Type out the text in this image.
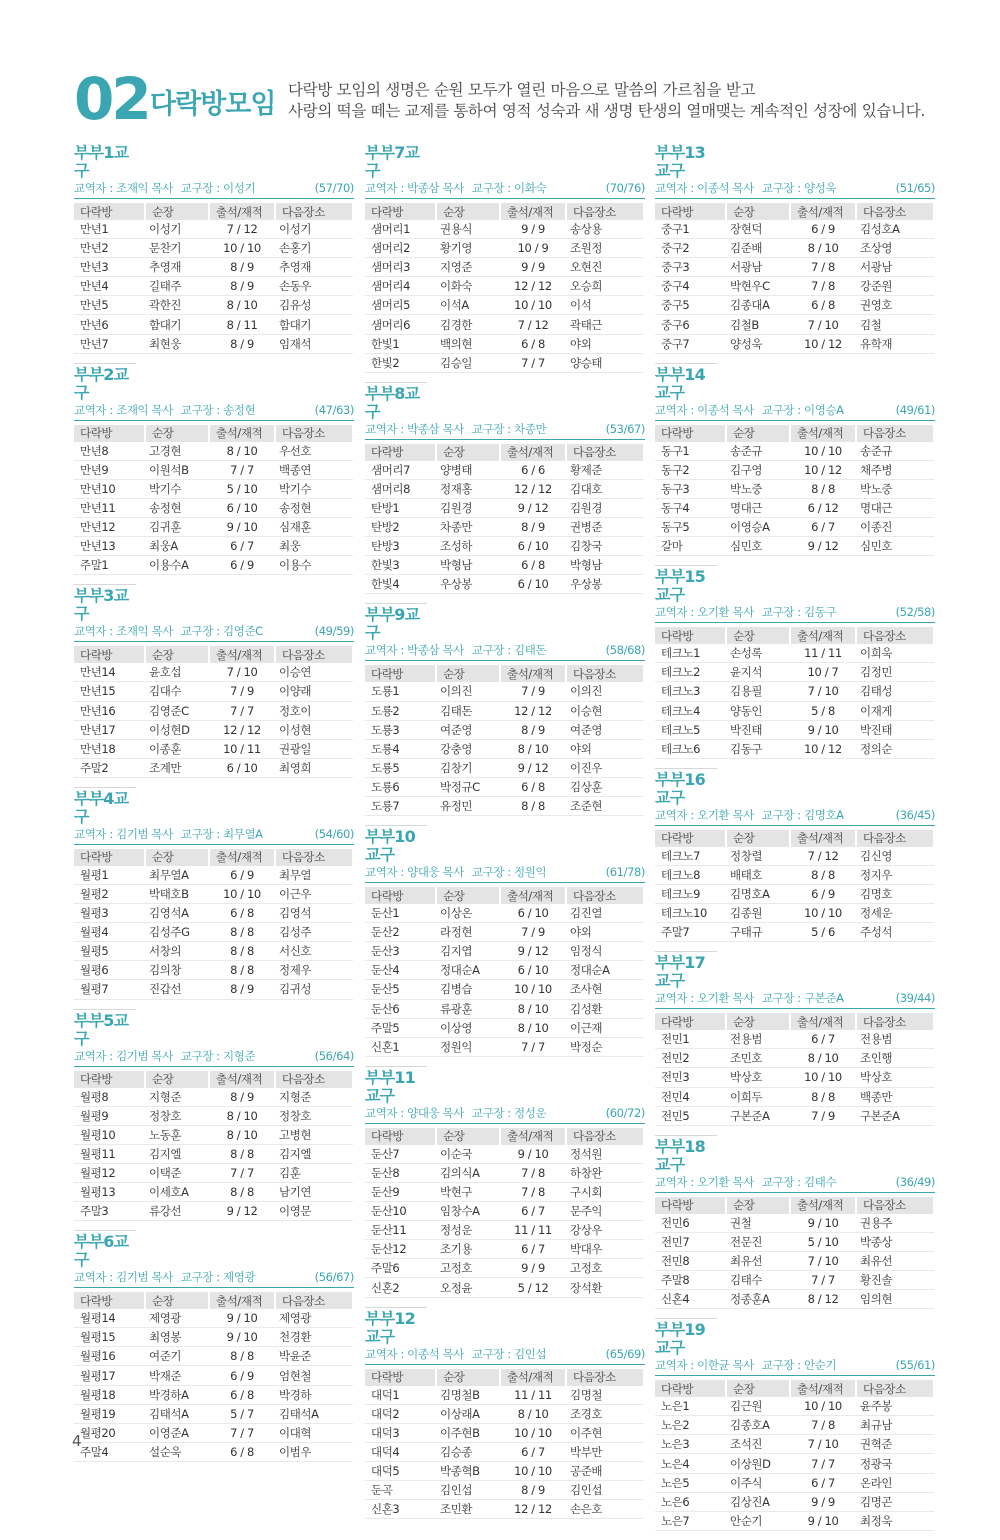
02 다락방모임 다락방 모임의 생명은 순원 모두가 열린 마음으로 말씀의 가르침을 받고
사랑의 떡을 떼는 교제를 통하여 영적 성숙과 새 생명 탄생의 열매맺는 계속적인 성장에 있습니다.
부부1교구
교역자 : 조재익 목사 교구장 : 이성기	(57/70)
다락방	순장	출석/재적	다음장소
만년1	이성기	7 / 12	이성기
만년2	문찬기	10 / 10	손홍기
만년3	추영재	8 / 9	추영재
만년4	길태주	8 / 9	손동우
만년5	곽한진	8 / 10	김유성
만년6	함대기	8 / 11	함대기
만년7	최현웅	8 / 9	임재석
부부2교구
교역자 : 조재익 목사 교구장 : 송정현	(47/63)
다락방	순장	출석/재적	다음장소
만년8	고경현	8 / 10	우선호
만년9	이원석B	7 / 7	백종연
만년10	박기수	5 / 10	박기수
만년11	송정현	6 / 10	송정현
만년12	김귀훈	9 / 10	심재훈
만년13	최웅A	6 / 7	최웅
주말1	이용수A	6 / 9	이용수
부부3교구
교역자 : 조재익 목사 교구장 : 김영준C	(49/59)
다락방	순장	출석/재적	다음장소
만년14	윤호섭	7 / 10	이승연
만년15	김대수	7 / 9	이양래
만년16	김영준C	7 / 7	정호이
만년17	이성현D	12 / 12	이성현
만년18	이종훈	10 / 11	권광일
주말2	조계만	6 / 10	최영희
부부4교구
교역자 : 김기범 목사 교구장 : 최무열A	(54/60)
다락방	순장	출석/재적	다음장소
월평1	최무열A	6 / 9	최무열
월평2	박태호B	10 / 10	이근우
월평3	김영석A	6 / 8	김영석
월평4	김성주G	8 / 8	김성주
월평5	서창의	8 / 8	서신호
월평6	김의창	8 / 8	정제우
월평7	진갑선	8 / 9	김귀성
부부5교구
교역자 : 김기범 목사 교구장 : 지형준	(56/64)
다락방	순장	출석/재적	다음장소
월평8	지형준	8 / 9	지형준
월평9	정창호	8 / 10	정창호
월평10	노동훈	8 / 10	고병현
월평11	김지엘	8 / 8	김지엘
월평12	이택준	7 / 7	김훈
월평13	이세호A	8 / 8	남기연
주말3	류강선	9 / 12	이영문
부부6교구
교역자 : 김기범 목사 교구장 : 제영광	(56/67)
다락방	순장	출석/재적	다음장소
월평14	제영광	9 / 10	제영광
월평15	최영봉	9 / 10	천경환
월평16	여준기	8 / 8	박윤준
월평17	박재준	6 / 9	엄현철
월평18	박경하A	6 / 8	박경하
월평19	김태석A	5 / 7	김태석A
월평20	이영준A	7 / 7	이대혁
주말4	설순욱	6 / 8	이범우
부부7교구
교역자 : 박종삼 목사 교구장 : 이화숙	(70/76)
다락방	순장	출석/재적	다음장소
샘머리1	권용식	9 / 9	송상용
샘머리2	황기영	10 / 9	조원정
샘머리3	지영준	9 / 9	오현진
샘머리4	이화숙	12 / 12	오승희
샘머리5	이석A	10 / 10	이석
샘머리6	김경한	7 / 12	곽태근
한빛1	백의현	6 / 8	야외
한빛2	김승일	7 / 7	양승태
부부8교구
교역자 : 박종삼 목사 교구장 : 차종만	(53/67)
다락방	순장	출석/재적	다음장소
샘머리7	양병태	6 / 6	황제준
샘머리8	정재홍	12 / 12	김대호
탄방1	김원경	9 / 12	김원경
탄방2	차종만	8 / 9	권병준
탄방3	조성하	6 / 10	김창국
한빛3	박형남	6 / 8	박형남
한빛4	우상봉	6 / 10	우상봉
부부9교구
교역자 : 박종삼 목사 교구장 : 김태돈	(58/68)
다락방	순장	출석/재적	다음장소
도룡1	이의진	7 / 9	이의진
도룡2	김태돈	12 / 12	이승현
도룡3	여준영	8 / 9	여준영
도룡4	강충영	8 / 10	야외
도룡5	김창기	9 / 12	이진우
도룡6	박정규C	6 / 8	김상훈
도룡7	유정민	8 / 8	조준현
부부10교구
교역자 : 양대웅 목사 교구장 : 정원익	(61/78)
다락방	순장	출석/재적	다음장소
둔산1	이상온	6 / 10	김진열
둔산2	라정현	7 / 9	야외
둔산3	김지엽	9 / 12	임정식
둔산4	정대순A	6 / 10	정대순A
둔산5	김병습	10 / 10	조사현
둔산6	류광훈	8 / 10	김성환
주말5	이상영	8 / 10	이근재
신혼1	정원익	7 / 7	박정순
부부11교구
교역자 : 양대웅 목사 교구장 : 정성운	(60/72)
다락방	순장	출석/재적	다음장소
둔산7	이순국	9 / 10	정석원
둔산8	김의식A	7 / 8	하창완
둔산9	박현구	7 / 8	구시회
둔산10	임창수A	6 / 7	문주익
둔산11	정성운	11 / 11	강상우
둔산12	조기용	6 / 7	박대우
주말6	고정호	9 / 9	고정호
신혼2	오정윤	5 / 12	장석환
부부12교구
교역자 : 이종석 목사 교구장 : 김인섭	(65/69)
다락방	순장	출석/재적	다음장소
대덕1	김명철B	11 / 11	김명철
대덕2	이상래A	8 / 10	조경호
대덕3	이주현B	10 / 10	이주현
대덕4	김승종	6 / 7	박부만
대덕5	박종혁B	10 / 10	공준배
둔곡	김인섭	8 / 9	김인섭
신혼3	조민환	12 / 12	손은호
부부13교구
교역자 : 이종석 목사 교구장 : 양성욱	(51/65)
다락방	순장	출석/재적	다음장소
중구1	장현덕	6 / 9	김성호A
중구2	김준배	8 / 10	조상영
중구3	서광남	7 / 8	서광남
중구4	박현우C	7 / 8	강준원
중구5	김종대A	6 / 8	권영호
중구6	김철B	7 / 10	김철
중구7	양성욱	10 / 12	유학재
부부14교구
교역자 : 이종석 목사 교구장 : 이영승A	(49/61)
다락방	순장	출석/재적	다음장소
동구1	송준규	10 / 10	송준규
동구2	김구영	10 / 12	채주병
동구3	박노중	8 / 8	박노중
동구4	명대근	6 / 12	명대근
동구5	이영승A	6 / 7	이종진
갈마	심민호	9 / 12	심민호
부부15교구
교역자 : 오기환 목사 교구장 : 김동구	(52/58)
다락방	순장	출석/재적	다음장소
테크노1	손성록	11 / 11	이희욱
테크노2	윤지석	10 / 7	김정민
테크노3	김용필	7 / 10	김태성
테크노4	양동인	5 / 8	이재게
테크노5	박진태	9 / 10	박진태
테크노6	김동구	10 / 12	정의순
부부16교구
교역자 : 오기환 목사 교구장 : 김명호A	(36/45)
다락방	순장	출석/재적	다음장소
테크노7	정창렬	7 / 12	김신영
테크노8	배태호	8 / 8	정지우
테크노9	김명호A	6 / 9	김명호
테크노10	김종원	10 / 10	정세운
주말7	구태규	5 / 6	주성석
부부17교구
교역자 : 오기환 목사 교구장 : 구본준A	(39/44)
다락방	순장	출석/재적	다음장소
전민1	전용범	6 / 7	전용범
전민2	조민호	8 / 10	조인행
전민3	박상호	10 / 10	박상호
전민4	이희두	8 / 8	백종만
전민5	구본준A	7 / 9	구본준A
부부18교구
교역자 : 오기환 목사 교구장 : 김태수	(36/49)
다락방	순장	출석/재적	다음장소
전민6	권철	9 / 10	권용주
전민7	전문진	5 / 10	박종상
전민8	최유선	7 / 10	최유선
주말8	김태수	7 / 7	황진솔
신혼4	정종훈A	8 / 12	임의현
부부19교구
교역자 : 이한균 목사 교구장 : 안순기	(55/61)
다락방	순장	출석/재적	다음장소
노은1	김근원	10 / 10	윤주봉
노은2	김종호A	7 / 8	최규남
노은3	조석진	7 / 10	권혁준
노은4	이상원D	7 / 7	정광국
노은5	이주식	6 / 7	온라인
노은6	김상진A	9 / 9	김명곤
노은7	안순기	9 / 10	최정욱
4
